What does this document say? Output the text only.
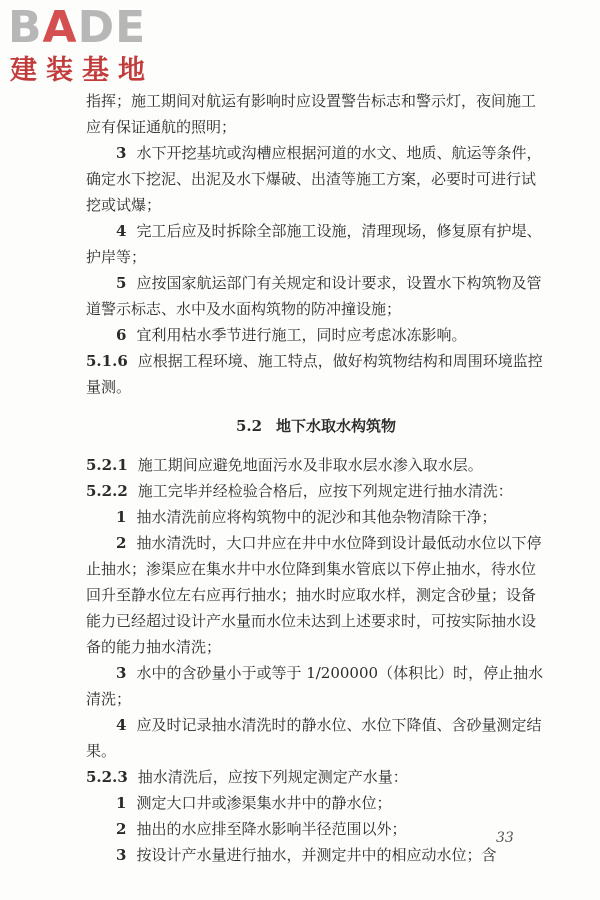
BADE
建装基地

指挥；施工期间对航运有影响时应设置警告标志和警示灯，夜间施工应有保证通航的照明；

3 水下开挖基坑或沟槽应根据河道的水文、地质、航运等条件，确定水下挖泥、出泥及水下爆破、出渣等施工方案，必要时可进行试挖或试爆；

4 完工后应及时拆除全部施工设施，清理现场，修复原有护堤、护岸等；

5 应按国家航运部门有关规定和设计要求，设置水下构筑物及管道警示标志、水中及水面构筑物的防冲撞设施；

6 宜利用枯水季节进行施工，同时应考虑冰冻影响。

5.1.6 应根据工程环境、施工特点，做好构筑物结构和周围环境监控量测。

5.2 地下水取水构筑物

5.2.1 施工期间应避免地面污水及非取水层水渗入取水层。

5.2.2 施工完毕并经检验合格后，应按下列规定进行抽水清洗：

1 抽水清洗前应将构筑物中的泥沙和其他杂物清除干净；

2 抽水清洗时，大口井应在井中水位降到设计最低动水位以下停止抽水；渗渠应在集水井中水位降到集水管底以下停止抽水，待水位回升至静水位左右应再行抽水；抽水时应取水样，测定含砂量；设备能力已经超过设计产水量而水位未达到上述要求时，可按实际抽水设备的能力抽水清洗；

3 水中的含砂量小于或等于 1/200000（体积比）时，停止抽水清洗；

4 应及时记录抽水清洗时的静水位、水位下降值、含砂量测定结果。

5.2.3 抽水清洗后，应按下列规定测定产水量：

1 测定大口井或渗渠集水井中的静水位；

2 抽出的水应排至降水影响半径范围以外；

3 按设计产水量进行抽水，并测定井中的相应动水位；含

33
